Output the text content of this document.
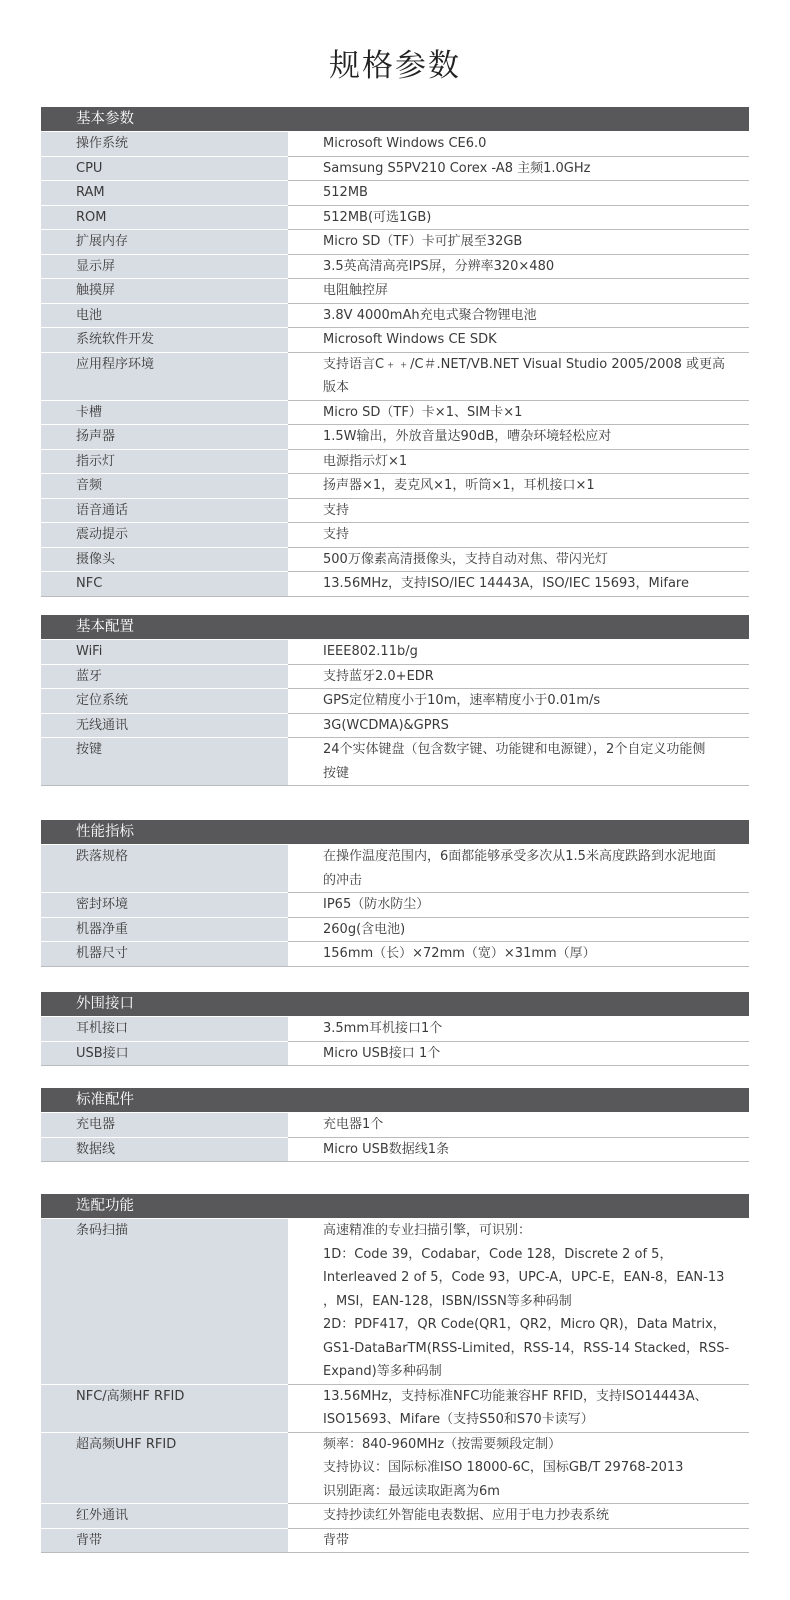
规格参数
基本参数
操作系统	Microsoft Windows CE6.0
CPU	Samsung S5PV210 Corex -A8 主频1.0GHz
RAM	512MB
ROM	512MB(可选1GB)
扩展内存	Micro SD（TF）卡可扩展至32GB
显示屏	3.5英高清高亮IPS屏，分辨率320×480
触摸屏	电阻触控屏
电池	3.8V 4000mAh充电式聚合物锂电池
系统软件开发	Microsoft Windows CE SDK
应用程序环境	支持语言C﹢﹢/C＃.NET/VB.NET Visual Studio 2005/2008 或更高
版本
卡槽	Micro SD（TF）卡×1、SIM卡×1
扬声器	1.5W输出，外放音量达90dB，嘈杂环境轻松应对
指示灯	电源指示灯×1
音频	扬声器×1，麦克风×1，听筒×1，耳机接口×1
语音通话	支持
震动提示	支持
摄像头	500万像素高清摄像头，支持自动对焦、带闪光灯
NFC	13.56MHz，支持ISO/IEC 14443A，ISO/IEC 15693，Mifare
基本配置
WiFi	IEEE802.11b/g
蓝牙	支持蓝牙2.0+EDR
定位系统	GPS定位精度小于10m，速率精度小于0.01m/s
无线通讯	3G(WCDMA)&GPRS
按键	24个实体键盘（包含数字键、功能键和电源键），2个自定义功能侧
按键
性能指标
跌落规格	在操作温度范围内，6面都能够承受多次从1.5米高度跌路到水泥地面
的冲击
密封环境	IP65（防水防尘）
机器净重	260g(含电池)
机器尺寸	156mm（长）×72mm（宽）×31mm（厚）
外围接口
耳机接口	3.5mm耳机接口1个
USB接口	Micro USB接口 1个
标准配件
充电器	充电器1个
数据线	Micro USB数据线1条
选配功能
条码扫描	高速精准的专业扫描引擎，可识别：
1D：Code 39，Codabar，Code 128，Discrete 2 of 5，
Interleaved 2 of 5，Code 93，UPC-A，UPC-E，EAN-8，EAN-13
，MSI，EAN-128，ISBN/ISSN等多种码制
2D：PDF417，QR Code(QR1，QR2，Micro QR)，Data Matrix，
GS1-DataBarTM(RSS-Limited，RSS-14，RSS-14 Stacked，RSS-
Expand)等多种码制
NFC/高频HF RFID	13.56MHz，支持标准NFC功能兼容HF RFID，支持ISO14443A、
ISO15693、Mifare（支持S50和S70卡读写）
超高频UHF RFID	频率：840-960MHz（按需要频段定制）
支持协议：国际标准ISO 18000-6C，国标GB/T 29768-2013
识别距离：最远读取距离为6m
红外通讯	支持抄读红外智能电表数据、应用于电力抄表系统
背带	背带
